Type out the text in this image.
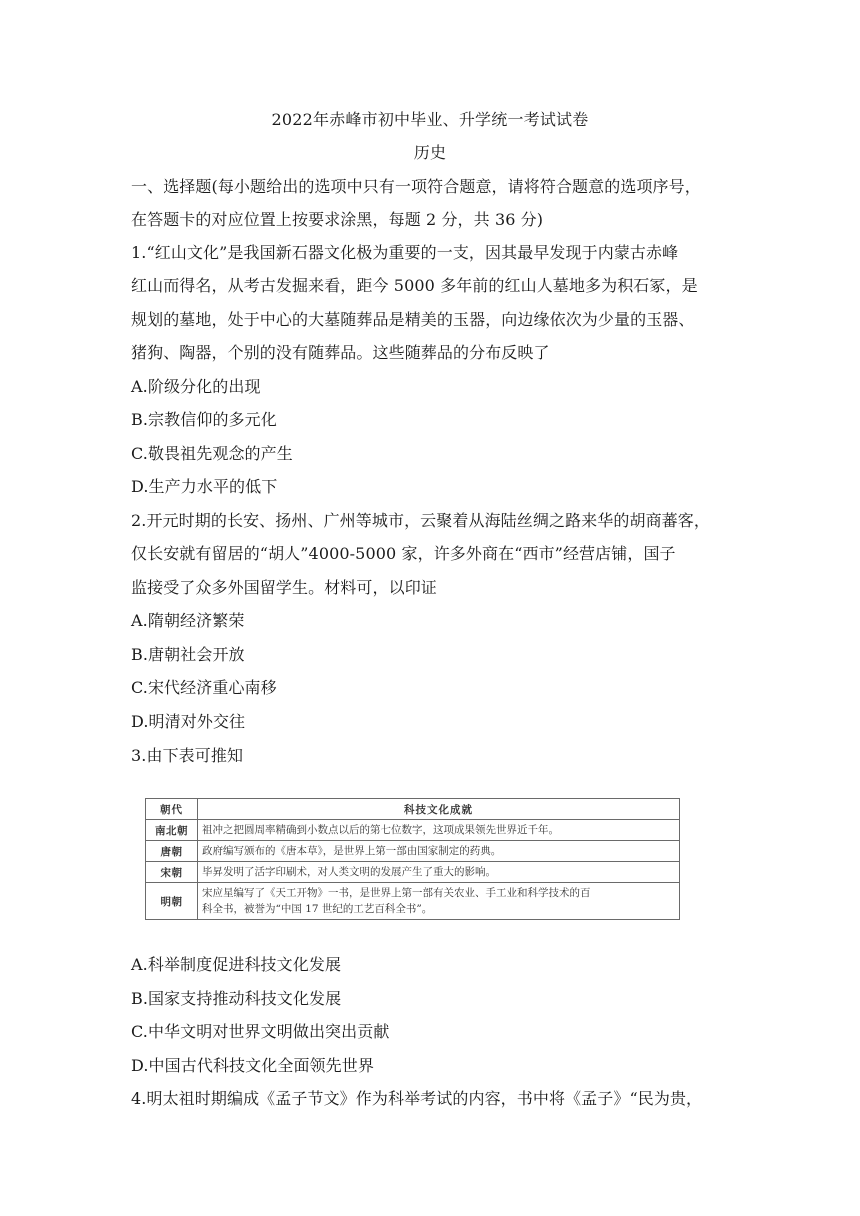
2022年赤峰市初中毕业、升学统一考试试卷
历史
一、选择题(每小题给出的选项中只有一项符合题意，请将符合题意的选项序号，
在答题卡的对应位置上按要求涂黑，每题 2 分，共 36 分)
1.“红山文化”是我国新石器文化极为重要的一支，因其最早发现于内蒙古赤峰
红山而得名，从考古发掘来看，距今 5000 多年前的红山人墓地多为积石冢，是
规划的墓地，处于中心的大墓随葬品是精美的玉器，向边缘依次为少量的玉器、
猪狗、陶器，个别的没有随葬品。这些随葬品的分布反映了
A.阶级分化的出现
B.宗教信仰的多元化
C.敬畏祖先观念的产生
D.生产力水平的低下
2.开元时期的长安、扬州、广州等城市，云聚着从海陆丝绸之路来华的胡商蕃客，
仅长安就有留居的“胡人”4000-5000 家，许多外商在“西市”经营店铺，国子
监接受了众多外国留学生。材料可，以印证
A.隋朝经济繁荣
B.唐朝社会开放
C.宋代经济重心南移
D.明清对外交往
3.由下表可推知
朝代	科技文化成就
南北朝	祖冲之把圆周率精确到小数点以后的第七位数字，这项成果领先世界近千年。
唐朝	政府编写颁布的《唐本草》，是世界上第一部由国家制定的药典。
宋朝	毕昇发明了活字印刷术，对人类文明的发展产生了重大的影响。
明朝	宋应星编写了《天工开物》一书，是世界上第一部有关农业、手工业和科学技术的百
科全书，被誉为“中国 17 世纪的工艺百科全书”。
A.科举制度促进科技文化发展
B.国家支持推动科技文化发展
C.中华文明对世界文明做出突出贡献
D.中国古代科技文化全面领先世界
4.明太祖时期编成《孟子节文》作为科举考试的内容，书中将《孟子》“民为贵，
